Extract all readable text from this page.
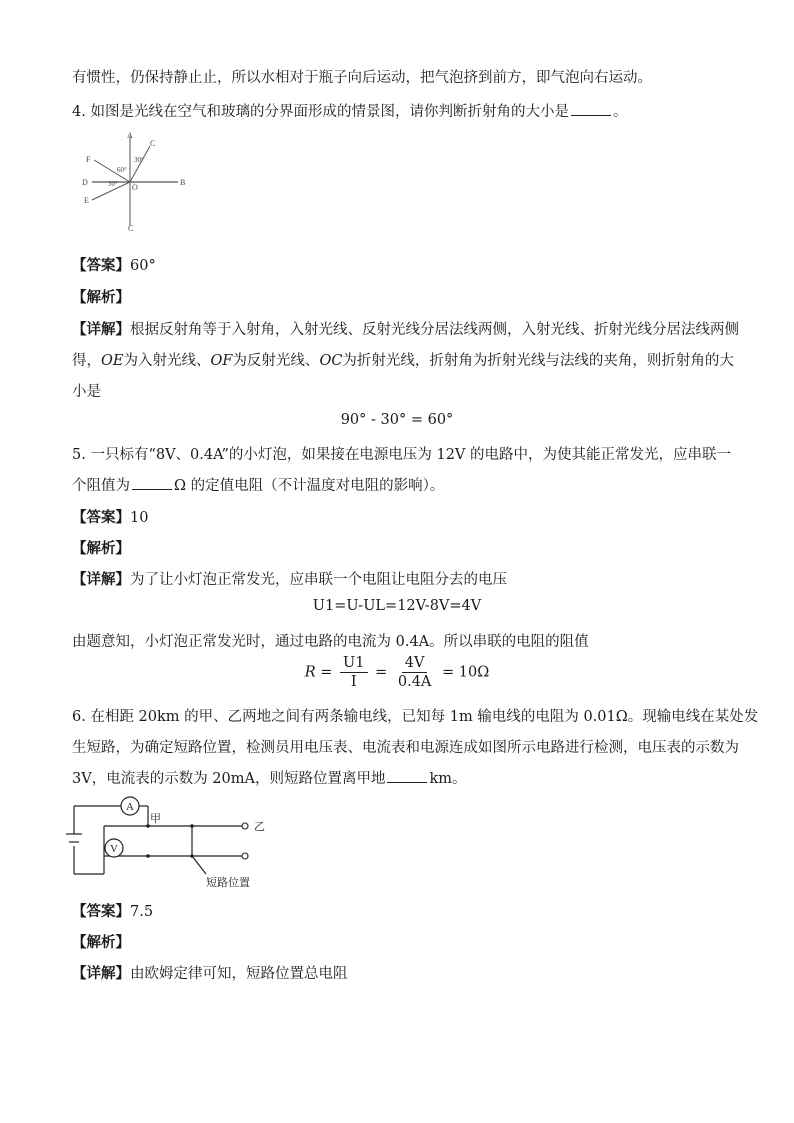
有惯性，仍保持静止止，所以水相对于瓶子向后运动，把气泡挤到前方，即气泡向右运动。
4. 如图是光线在空气和玻璃的分界面形成的情景图，请你判断折射角的大小是	。
A
C
F
D	B
E
C
O
60°
30°
30°
【答案】60°
【解析】
【详解】根据反射角等于入射角，入射光线、反射光线分居法线两侧，入射光线、折射光线分居法线两侧
得，OE为入射光线、OF为反射光线、OC为折射光线，折射角为折射光线与法线的夹角，则折射角的大
小是
90° - 30° = 60°
5. 一只标有“8V、0.4A”的小灯泡，如果接在电源电压为 12V 的电路中，为使其能正常发光，应串联一
个阻值为	Ω 的定值电阻（不计温度对电阻的影响）。
【答案】10
【解析】
【详解】为了让小灯泡正常发光，应串联一个电阻让电阻分去的电压
U1=U-UL=12V-8V=4V
由题意知，小灯泡正常发光时，通过电路的电流为 0.4A。所以串联的电阻的阻值
$R = \frac{U1}{I} = \frac{4V}{0.4A} = 10\Omega$
6. 在相距 20km 的甲、乙两地之间有两条输电线，已知每 1m 输电线的电阻为 0.01Ω。现输电线在某处发
生短路，为确定短路位置，检测员用电压表、电流表和电源连成如图所示电路进行检测，电压表的示数为
3V，电流表的示数为 20mA，则短路位置离甲地	km。
A
V
甲
乙
短路位置
【答案】7.5
【解析】
【详解】由欧姆定律可知，短路位置总电阻
